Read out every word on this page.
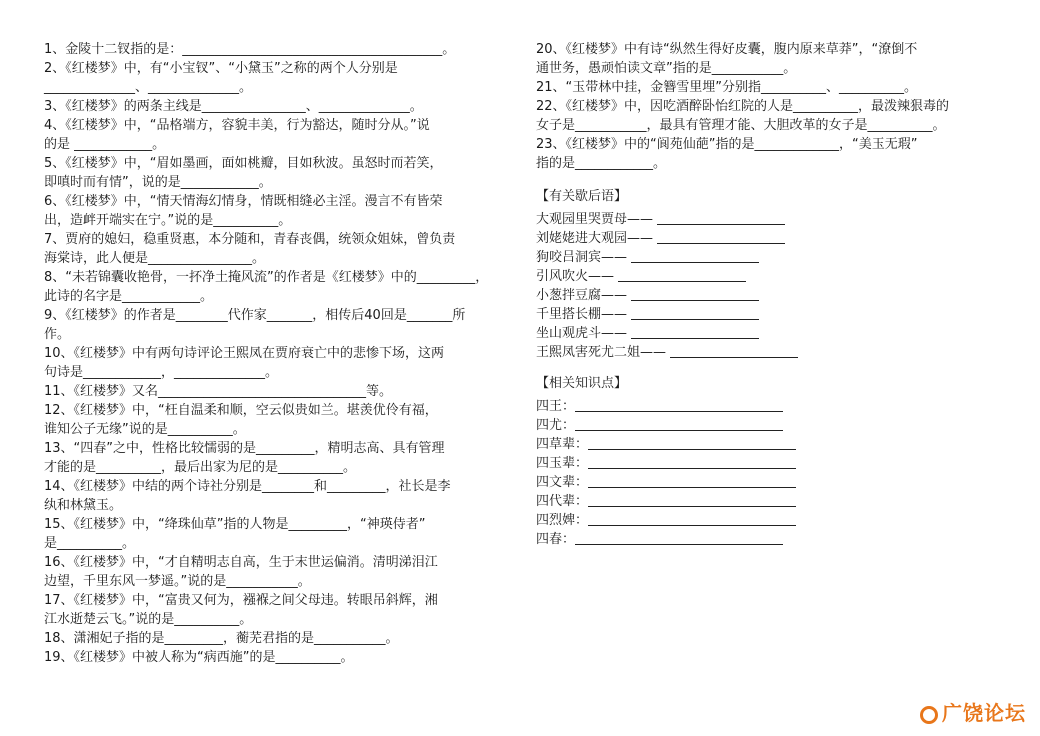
1、金陵十二钗指的是：________________________________________。

2、《红楼梦》中，有“小宝钗”、“小黛玉”之称的两个人分别是
______________、______________。

3、《红楼梦》的两条主线是________________、______________。

4、《红楼梦》中，“品格端方，容貌丰美，行为豁达，随时分从。”说
的是 ____________。

5、《红楼梦》中，“眉如墨画，面如桃瓣，目如秋波。虽怒时而若笑，
即嗔时而有情”，说的是____________。

6、《红楼梦》中，“情天情海幻情身，情既相缝必主淫。漫言不有皆荣
出，造衅开端实在宁。”说的是__________。

7、贾府的媳妇，稳重贤惠，本分随和，青春丧偶，统领众姐妹，曾负责
海棠诗，此人便是________________。

8、“未若锦囊收艳骨，一抔净土掩风流”的作者是《红楼梦》中的_________，
此诗的名字是____________。

9、《红楼梦》的作者是________代作家_______，相传后40回是_______所
作。

10、《红楼梦》中有两句诗评论王熙凤在贾府衰亡中的悲惨下场，这两
句诗是____________，______________。

11、《红楼梦》又名________________________________等。

12、《红楼梦》中，“枉自温柔和顺，空云似贵如兰。堪羡优伶有福，
谁知公子无缘”说的是__________。

13、“四春”之中，性格比较懦弱的是_________，精明志高、具有管理
才能的是__________，最后出家为尼的是__________。

14、《红楼梦》中结的两个诗社分别是________和_________，社长是李
纨和林黛玉。

15、《红楼梦》中，“绛珠仙草”指的人物是_________，“神瑛侍者”
是__________。

16、《红楼梦》中，“才自精明志自高，生于末世运偏消。清明涕泪江
边望，千里东风一梦遥。”说的是___________。

17、《红楼梦》中，“富贵又何为，襁褓之间父母违。转眼吊斜辉，湘
江水逝楚云飞。”说的是__________。

18、潇湘妃子指的是_________，蘅芜君指的是___________。

19、《红楼梦》中被人称为“病西施”的是__________。

20、《红楼梦》中有诗“纵然生得好皮囊，腹内原来草莽”，“潦倒不
通世务，愚顽怕读文章”指的是___________。

21、“玉带林中挂，金簪雪里埋”分别指__________、__________。

22、《红楼梦》中，因吃酒醉卧怡红院的人是__________，最泼辣狠毒的
女子是___________，最具有管理才能、大胆改革的女子是__________。

23、《红楼梦》中的“阆苑仙葩”指的是_____________，“美玉无瑕”
指的是____________。

【有关歇后语】

大观园里哭贾母——

刘姥姥进大观园——

狗咬吕洞宾——

引风吹火——

小葱拌豆腐——

千里搭长棚——

坐山观虎斗——

王熙凤害死尤二姐——

【相关知识点】

四王：

四尤：

四草辈：

四玉辈：

四文辈：

四代辈：

四烈婢：

四春：

广饶论坛
